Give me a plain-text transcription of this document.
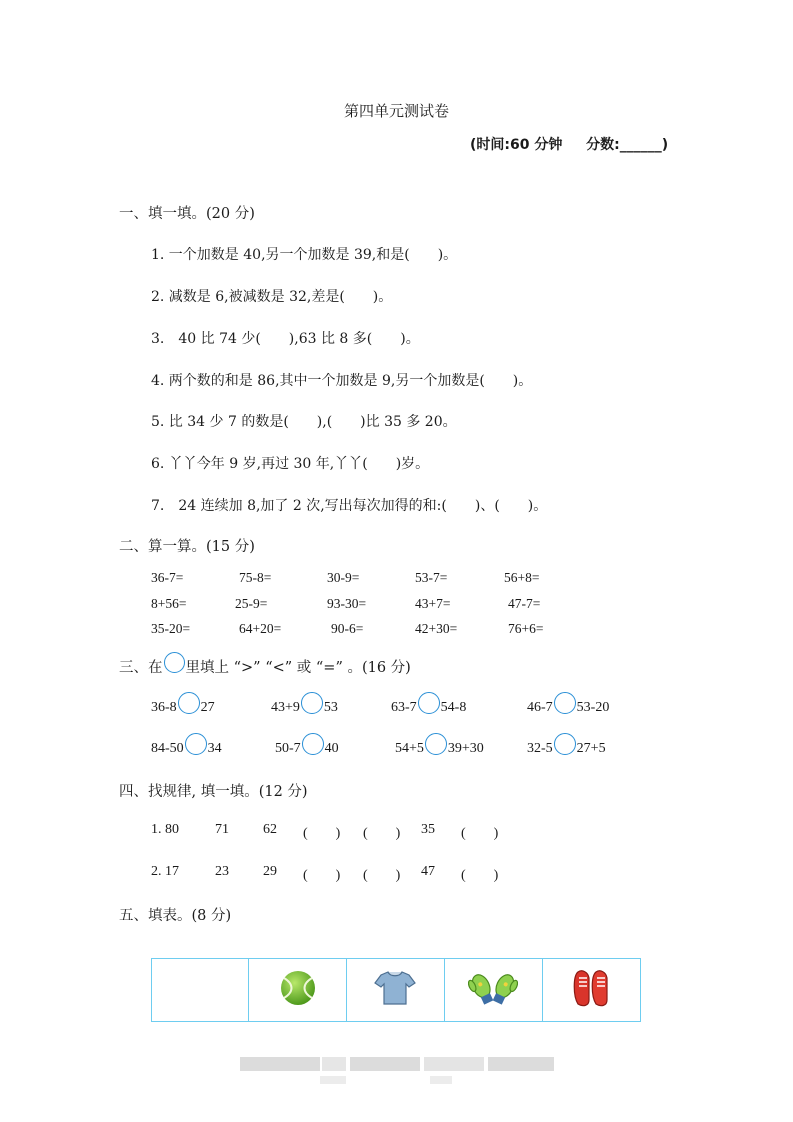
第四单元测试卷
(时间:60 分钟 分数:______)
一、填一填。(20 分)
1. 一个加数是 40,另一个加数是 39,和是(　　)。
2. 减数是 6,被减数是 32,差是(　　)。
3.　40 比 74 少(　　),63 比 8 多(　　)。
4. 两个数的和是 86,其中一个加数是 9,另一个加数是(　　)。
5. 比 34 少 7 的数是(　　),(　　)比 35 多 20。
6. 丫丫今年 9 岁,再过 30 年,丫丫(　　)岁。
7.　24 连续加 8,加了 2 次,写出每次加得的和:(　　)、(　　)。
二、算一算。(15 分)
36-7=	75-8=	30-9=	53-7=	56+8=
8+56=	25-9=	93-30=	43+7=	47-7=
35-20=	64+20=	90-6=	42+30=	76+6=
三、在 里填上 “>” “<” 或 “=” 。(16 分)
36-8 27	43+9 53	63-7 54-8	46-7 53-20
84-50 34	50-7 40	54+5 39+30	32-5 27+5
四、找规律, 填一填。(12 分)
1. 80	71 62 (　　) (　　) 35 (　　)
2. 17	23 29 (　　) (　　) 47 (　　)
五、填表。(8 分)
